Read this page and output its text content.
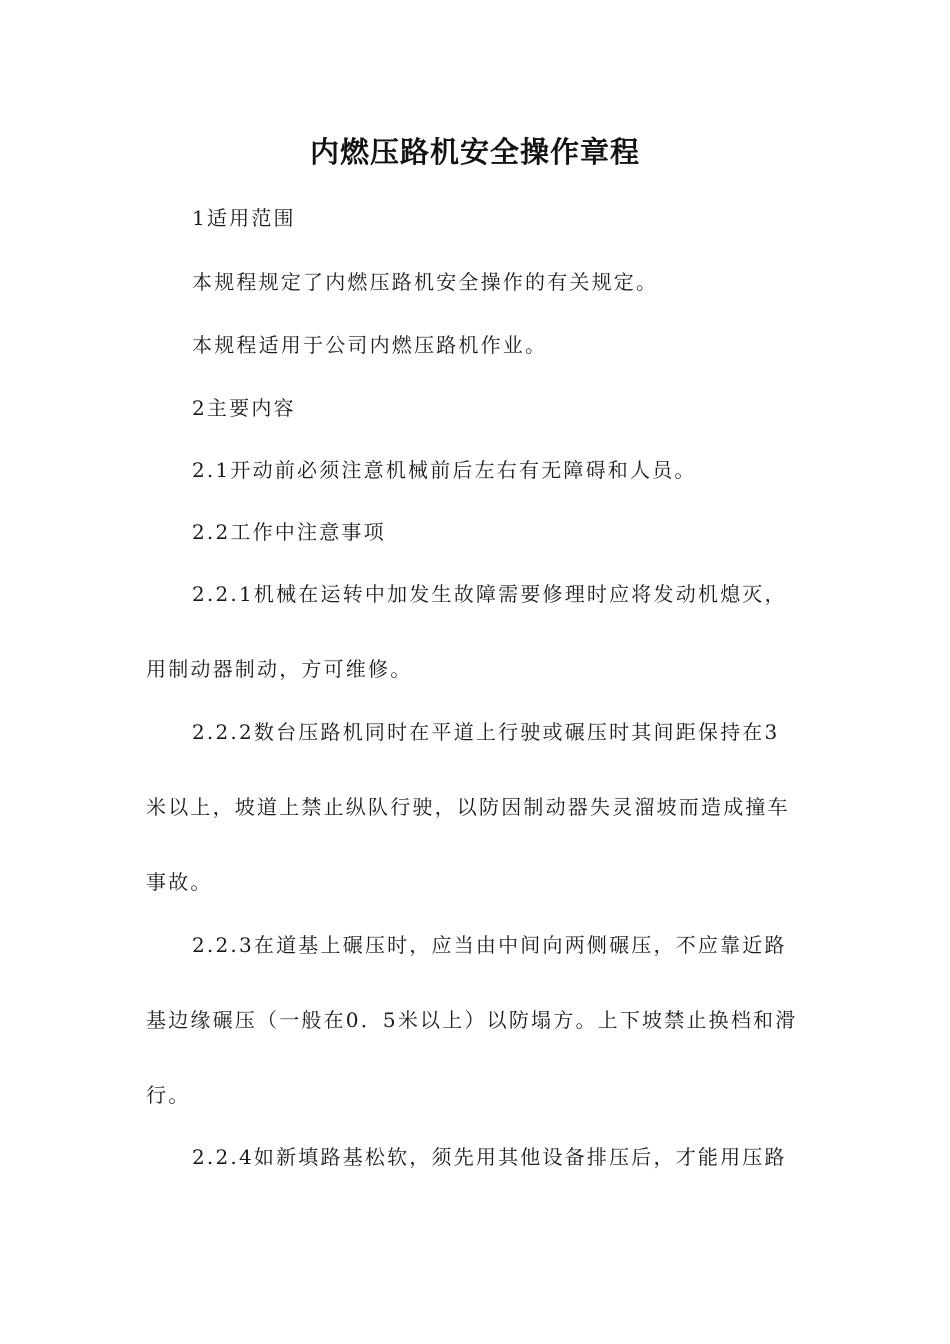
内燃压路机安全操作章程
1适用范围
本规程规定了内燃压路机安全操作的有关规定。
本规程适用于公司内燃压路机作业。
2主要内容
2.1开动前必须注意机械前后左右有无障碍和人员。
2.2工作中注意事项
2.2.1机械在运转中加发生故障需要修理时应将发动机熄灭，
用制动器制动，方可维修。
2.2.2数台压路机同时在平道上行驶或碾压时其间距保持在3
米以上，坡道上禁止纵队行驶，以防因制动器失灵溜坡而造成撞车
事故。
2.2.3在道基上碾压时，应当由中间向两侧碾压，不应靠近路
基边缘碾压（一般在0．5米以上）以防塌方。上下坡禁止换档和滑
行。
2.2.4如新填路基松软，须先用其他设备排压后，才能用压路
